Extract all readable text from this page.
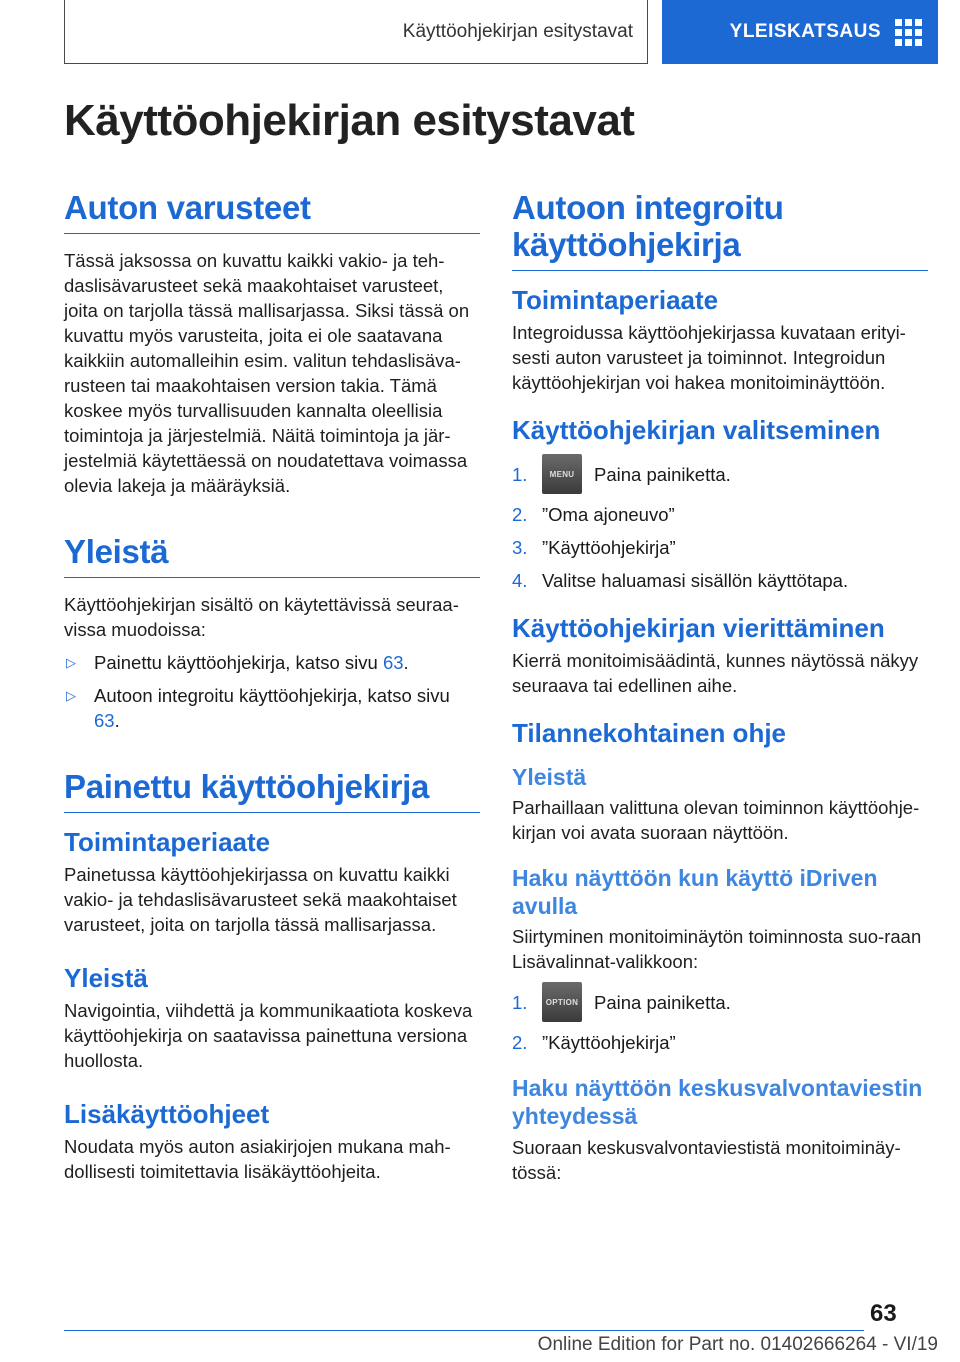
Käyttöohjekirjan esitystavat	YLEISKATSAUS
Käyttöohjekirjan esitystavat
Auton varusteet

Tässä jaksossa on kuvattu kaikki vakio- ja teh-daslisävarusteet sekä maakohtaiset varusteet, joita on tarjolla tässä mallisarjassa. Siksi tässä on kuvattu myös varusteita, joita ei ole saatavana kaikkiin automalleihin esim. valitun tehdaslisäva-rusteen tai maakohtaisen version takia. Tämä koskee myös turvallisuuden kannalta oleellisia toimintoja ja järjestelmiä. Näitä toimintoja ja jär-jestelmiä käytettäessä on noudatettava voimassa olevia lakeja ja määräyksiä.

Yleistä

Käyttöohjekirjan sisältö on käytettävissä seuraa-vissa muodoissa:

▷ Painettu käyttöohjekirja, katso sivu 63.
▷ Autoon integroitu käyttöohjekirja, katso sivu 63.
Painettu käyttöohjekirja
Toimintaperiaate

Painetussa käyttöohjekirjassa on kuvattu kaikki vakio- ja tehdaslisävarusteet sekä maakohtaiset varusteet, joita on tarjolla tässä mallisarjassa.

Yleistä

Navigointia, viihdettä ja kommunikaatiota koskeva käyttöohjekirja on saatavissa painettuna versiona huollosta.

Lisäkäyttöohjeet

Noudata myös auton asiakirjojen mukana mah-dollisesti toimitettavia lisäkäyttöohjeita.

Autoon integroitu käyttöohjekirja
Toimintaperiaate

Integroidussa käyttöohjekirjassa kuvataan erityi-sesti auton varusteet ja toiminnot. Integroidun käyttöohjekirjan voi hakea monitoiminäyttöön.

Käyttöohjekirjan valitseminen
1.	MENU	Paina painiketta.
2. ”Oma ajoneuvo”
3. ”Käyttöohjekirja”
4. Valitse haluamasi sisällön käyttötapa.
Käyttöohjekirjan vierittäminen

Kierrä monitoimisäädintä, kunnes näytössä näkyy seuraava tai edellinen aihe.

Tilannekohtainen ohje
Yleistä

Parhaillaan valittuna olevan toiminnon käyttöohje-kirjan voi avata suoraan näyttöön.

Haku näyttöön kun käyttö iDriven avulla

Siirtyminen monitoiminäytön toiminnosta suo-raan Lisävalinnat-valikkoon:

1.	OPTION Paina painiketta.
2. ”Käyttöohjekirja”
Haku näyttöön keskusvalvontaviestin yhteydessä

Suoraan keskusvalvontaviestistä monitoiminäy-tössä:

63
Online Edition for Part no. 01402666264 - VI/19
